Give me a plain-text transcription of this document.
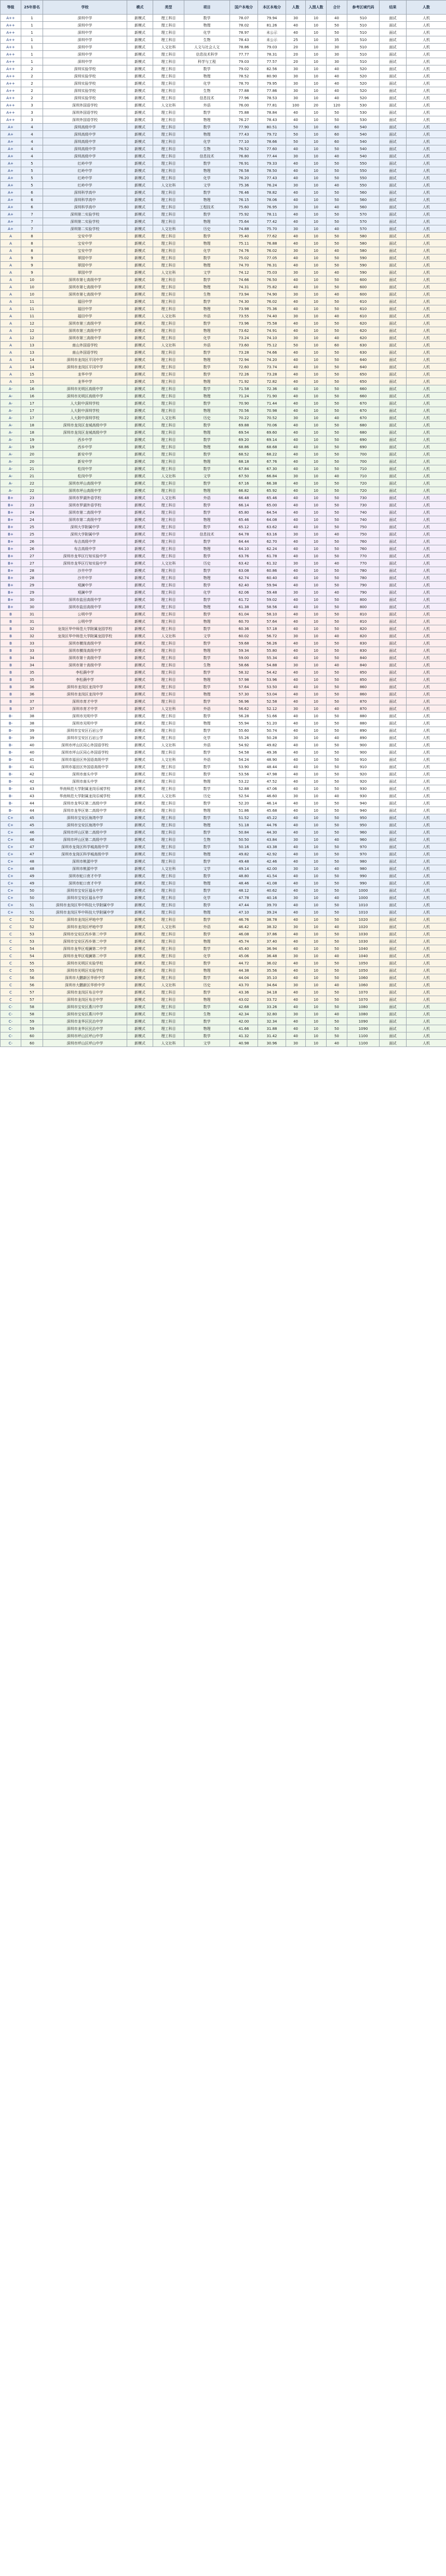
等级	25年排名	学校	模式	类型	项目	国户本地分	本区本地分	人数	入围人数	合计	参考区域代码	结果	人数
A++	1	深圳中学	新模式	理工科目	数学	78.07	79.94	30	10	40	510	面试	人机
A++	1	深圳中学	新模式	理工科目	物理	78.02	81.26	40	10	50	510	面试	人机
A++	1	深圳中学	新模式	理工科目	化学	78.97	未公示	40	10	50	510	面试	人机
A++	1	深圳中学	新模式	理工科目	生物	78.43	未公示	25	10	35	510	面试	人机
A++	1	深圳中学	新模式	人文社科	人文与社会人文	78.86	79.03	20	10	30	510	面试	人机
A++	1	深圳中学	新模式	理工科目	信息技术科学	77.77	78.31	20	10	30	510	面试	人机
A++	1	深圳中学	新模式	理工科目	科学与工程	79.03	77.57	20	10	30	510	面试	人机
A++	2	深圳实验学校	新模式	理工科目	数学	79.02	82.56	30	10	40	520	面试	人机
A++	2	深圳实验学校	新模式	理工科目	物理	78.52	80.90	30	10	40	520	面试	人机
A++	2	深圳实验学校	新模式	理工科目	化学	78.70	79.95	30	10	40	520	面试	人机
A++	2	深圳实验学校	新模式	理工科目	生物	77.88	77.86	30	10	40	520	面试	人机
A++	2	深圳实验学校	新模式	理工科目	信息技术	77.96	78.53	30	10	40	520	面试	人机
A++	3	深圳外国语学校	新模式	人文社科	外语	76.00	77.81	100	20	120	530	面试	人机
A++	3	深圳外国语学校	新模式	理工科目	数学	75.88	78.84	40	10	50	530	面试	人机
A++	3	深圳外国语学校	新模式	理工科目	物理	76.27	78.43	40	10	50	530	面试	人机
A+	4	深圳高级中学	新模式	理工科目	数学	77.90	80.51	50	10	60	540	面试	人机
A+	4	深圳高级中学	新模式	理工科目	物理	77.43	79.72	50	10	60	540	面试	人机
A+	4	深圳高级中学	新模式	理工科目	化学	77.10	78.66	50	10	60	540	面试	人机
A+	4	深圳高级中学	新模式	理工科目	生物	76.52	77.60	40	10	50	540	面试	人机
A+	4	深圳高级中学	新模式	理工科目	信息技术	76.80	77.44	30	10	40	540	面试	人机
A+	5	红岭中学	新模式	理工科目	数学	76.91	79.33	40	10	50	550	面试	人机
A+	5	红岭中学	新模式	理工科目	物理	76.58	78.50	40	10	50	550	面试	人机
A+	5	红岭中学	新模式	理工科目	化学	76.20	77.43	40	10	50	550	面试	人机
A+	5	红岭中学	新模式	人文社科	文学	75.36	76.24	30	10	40	550	面试	人机
A+	6	深圳科学高中	新模式	理工科目	数学	76.46	78.82	40	10	50	560	面试	人机
A+	6	深圳科学高中	新模式	理工科目	物理	76.15	78.06	40	10	50	560	面试	人机
A+	6	深圳科学高中	新模式	理工科目	工程技术	75.60	76.95	30	10	40	560	面试	人机
A+	7	深圳第二实验学校	新模式	理工科目	数学	75.92	78.11	40	10	50	570	面试	人机
A+	7	深圳第二实验学校	新模式	理工科目	物理	75.64	77.42	40	10	50	570	面试	人机
A+	7	深圳第二实验学校	新模式	人文社科	历史	74.88	75.70	30	10	40	570	面试	人机
A	8	宝安中学	新模式	理工科目	数学	75.40	77.62	40	10	50	580	面试	人机
A	8	宝安中学	新模式	理工科目	物理	75.11	76.88	40	10	50	580	面试	人机
A	8	宝安中学	新模式	理工科目	化学	74.76	76.02	30	10	40	580	面试	人机
A	9	翠园中学	新模式	理工科目	数学	75.02	77.05	40	10	50	590	面试	人机
A	9	翠园中学	新模式	理工科目	物理	74.70	76.31	40	10	50	590	面试	人机
A	9	翠园中学	新模式	人文社科	文学	74.12	75.03	30	10	40	590	面试	人机
A	10	深圳市第七高级中学	新模式	理工科目	数学	74.66	76.50	40	10	50	600	面试	人机
A	10	深圳市第七高级中学	新模式	理工科目	物理	74.31	75.82	40	10	50	600	面试	人机
A	10	深圳市第七高级中学	新模式	理工科目	生物	73.94	74.90	30	10	40	600	面试	人机
A	11	福田中学	新模式	理工科目	数学	74.30	76.02	40	10	50	610	面试	人机
A	11	福田中学	新模式	理工科目	物理	73.98	75.36	40	10	50	610	面试	人机
A	11	福田中学	新模式	人文社科	外语	73.55	74.40	30	10	40	610	面试	人机
A	12	深圳市第三高级中学	新模式	理工科目	数学	73.96	75.58	40	10	50	620	面试	人机
A	12	深圳市第三高级中学	新模式	理工科目	物理	73.62	74.91	40	10	50	620	面试	人机
A	12	深圳市第三高级中学	新模式	理工科目	化学	73.24	74.10	30	10	40	620	面试	人机
A	13	南山外国语学校	新模式	人文社科	外语	73.60	75.12	50	10	60	630	面试	人机
A	13	南山外国语学校	新模式	理工科目	数学	73.28	74.66	40	10	50	630	面试	人机
A	14	深圳市龙岗区平冈中学	新模式	理工科目	物理	72.94	74.20	40	10	50	640	面试	人机
A	14	深圳市龙岗区平冈中学	新模式	理工科目	数学	72.60	73.74	40	10	50	640	面试	人机
A	15	龙华中学	新模式	理工科目	数学	72.26	73.28	40	10	50	650	面试	人机
A	15	龙华中学	新模式	理工科目	物理	71.92	72.82	40	10	50	650	面试	人机
A-	16	深圳市光明区高级中学	新模式	理工科目	数学	71.58	72.36	40	10	50	660	面试	人机
A-	16	深圳市光明区高级中学	新模式	理工科目	物理	71.24	71.90	40	10	50	660	面试	人机
A-	17	人大附中深圳学校	新模式	理工科目	数学	70.90	71.44	40	10	50	670	面试	人机
A-	17	人大附中深圳学校	新模式	理工科目	物理	70.56	70.98	40	10	50	670	面试	人机
A-	17	人大附中深圳学校	新模式	人文社科	历史	70.22	70.52	30	10	40	670	面试	人机
A-	18	深圳市龙岗区龙城高级中学	新模式	理工科目	数学	69.88	70.06	40	10	50	680	面试	人机
A-	18	深圳市龙岗区龙城高级中学	新模式	理工科目	物理	69.54	69.60	40	10	50	680	面试	人机
A-	19	西乡中学	新模式	理工科目	数学	69.20	69.14	40	10	50	690	面试	人机
A-	19	西乡中学	新模式	理工科目	物理	68.86	68.68	40	10	50	690	面试	人机
A-	20	新安中学	新模式	理工科目	数学	68.52	68.22	40	10	50	700	面试	人机
A-	20	新安中学	新模式	理工科目	物理	68.18	67.76	40	10	50	700	面试	人机
A-	21	松岗中学	新模式	理工科目	数学	67.84	67.30	40	10	50	710	面试	人机
A-	21	松岗中学	新模式	人文社科	文学	67.50	66.84	30	10	40	710	面试	人机
A-	22	深圳市坪山高级中学	新模式	理工科目	数学	67.16	66.38	40	10	50	720	面试	人机
A-	22	深圳市坪山高级中学	新模式	理工科目	物理	66.82	65.92	40	10	50	720	面试	人机
B+	23	深圳市罗湖外语学校	新模式	人文社科	外语	66.48	65.46	40	10	50	730	面试	人机
B+	23	深圳市罗湖外语学校	新模式	理工科目	数学	66.14	65.00	40	10	50	730	面试	人机
B+	24	深圳市第二高级中学	新模式	理工科目	数学	65.80	64.54	40	10	50	740	面试	人机
B+	24	深圳市第二高级中学	新模式	理工科目	物理	65.46	64.08	40	10	50	740	面试	人机
B+	25	深圳大学附属中学	新模式	理工科目	数学	65.12	63.62	40	10	50	750	面试	人机
B+	25	深圳大学附属中学	新模式	理工科目	信息技术	64.78	63.16	30	10	40	750	面试	人机
B+	26	布吉高级中学	新模式	理工科目	数学	64.44	62.70	40	10	50	760	面试	人机
B+	26	布吉高级中学	新模式	理工科目	物理	64.10	62.24	40	10	50	760	面试	人机
B+	27	深圳市龙华区行知实验中学	新模式	理工科目	数学	63.76	61.78	40	10	50	770	面试	人机
B+	27	深圳市龙华区行知实验中学	新模式	人文社科	历史	63.42	61.32	30	10	40	770	面试	人机
B+	28	沙井中学	新模式	理工科目	数学	63.08	60.86	40	10	50	780	面试	人机
B+	28	沙井中学	新模式	理工科目	物理	62.74	60.40	40	10	50	780	面试	人机
B+	29	观澜中学	新模式	理工科目	数学	62.40	59.94	40	10	50	790	面试	人机
B+	29	观澜中学	新模式	理工科目	化学	62.06	59.48	30	10	40	790	面试	人机
B+	30	深圳市盐田高级中学	新模式	理工科目	数学	61.72	59.02	40	10	50	800	面试	人机
B+	30	深圳市盐田高级中学	新模式	理工科目	物理	61.38	58.56	40	10	50	800	面试	人机
B	31	公明中学	新模式	理工科目	数学	61.04	58.10	40	10	50	810	面试	人机
B	31	公明中学	新模式	理工科目	物理	60.70	57.64	40	10	50	810	面试	人机
B	32	龙岗区华中师范大学附属龙园学校	新模式	理工科目	数学	60.36	57.18	40	10	50	820	面试	人机
B	32	龙岗区华中师范大学附属龙园学校	新模式	人文社科	文学	60.02	56.72	30	10	40	820	面试	人机
B	33	深圳市横岗高级中学	新模式	理工科目	数学	59.68	56.26	40	10	50	830	面试	人机
B	33	深圳市横岗高级中学	新模式	理工科目	物理	59.34	55.80	40	10	50	830	面试	人机
B	34	深圳市第十高级中学	新模式	理工科目	数学	59.00	55.34	40	10	50	840	面试	人机
B	34	深圳市第十高级中学	新模式	理工科目	生物	58.66	54.88	30	10	40	840	面试	人机
B	35	李松蓢中学	新模式	理工科目	数学	58.32	54.42	40	10	50	850	面试	人机
B	35	李松蓢中学	新模式	理工科目	物理	57.98	53.96	40	10	50	850	面试	人机
B	36	深圳市龙岗区龙岗中学	新模式	理工科目	数学	57.64	53.50	40	10	50	860	面试	人机
B	36	深圳市龙岗区龙岗中学	新模式	理工科目	物理	57.30	53.04	40	10	50	860	面试	人机
B	37	深圳市育才中学	新模式	理工科目	数学	56.96	52.58	40	10	50	870	面试	人机
B	37	深圳市育才中学	新模式	人文社科	外语	56.62	52.12	30	10	40	870	面试	人机
B-	38	深圳市光明中学	新模式	理工科目	数学	56.28	51.66	40	10	50	880	面试	人机
B-	38	深圳市光明中学	新模式	理工科目	物理	55.94	51.20	40	10	50	880	面试	人机
B-	39	深圳市宝安区石岩公学	新模式	理工科目	数学	55.60	50.74	40	10	50	890	面试	人机
B-	39	深圳市宝安区石岩公学	新模式	理工科目	化学	55.26	50.28	30	10	40	890	面试	人机
B-	40	深圳市坪山区同心外国语学校	新模式	人文社科	外语	54.92	49.82	40	10	50	900	面试	人机
B-	40	深圳市坪山区同心外国语学校	新模式	理工科目	数学	54.58	49.36	40	10	50	900	面试	人机
B-	41	深圳市福田区外国语高级中学	新模式	人文社科	外语	54.24	48.90	40	10	50	910	面试	人机
B-	41	深圳市福田区外国语高级中学	新模式	理工科目	数学	53.90	48.44	40	10	50	910	面试	人机
B-	42	深圳市南头中学	新模式	理工科目	数学	53.56	47.98	40	10	50	920	面试	人机
B-	42	深圳市南头中学	新模式	理工科目	物理	53.22	47.52	40	10	50	920	面试	人机
B-	43	华南师范大学附属龙岗乐城学校	新模式	理工科目	数学	52.88	47.06	40	10	50	930	面试	人机
B-	43	华南师范大学附属龙岗乐城学校	新模式	人文社科	历史	52.54	46.60	30	10	40	930	面试	人机
B-	44	深圳市龙华区第二高级中学	新模式	理工科目	数学	52.20	46.14	40	10	50	940	面试	人机
B-	44	深圳市龙华区第二高级中学	新模式	理工科目	物理	51.86	45.68	40	10	50	940	面试	人机
C+	45	深圳市宝安区海湾中学	新模式	理工科目	数学	51.52	45.22	40	10	50	950	面试	人机
C+	45	深圳市宝安区海湾中学	新模式	理工科目	物理	51.18	44.76	40	10	50	950	面试	人机
C+	46	深圳市坪山区第二高级中学	新模式	理工科目	数学	50.84	44.30	40	10	50	960	面试	人机
C+	46	深圳市坪山区第二高级中学	新模式	理工科目	生物	50.50	43.84	30	10	40	960	面试	人机
C+	47	深圳市龙岗区科学城高级中学	新模式	理工科目	数学	50.16	43.38	40	10	50	970	面试	人机
C+	47	深圳市龙岗区科学城高级中学	新模式	理工科目	物理	49.82	42.92	40	10	50	970	面试	人机
C+	48	深圳市桃源中学	新模式	理工科目	数学	49.48	42.46	40	10	50	980	面试	人机
C+	48	深圳市桃源中学	新模式	人文社科	文学	49.14	42.00	30	10	40	980	面试	人机
C+	49	深圳市蛇口育才中学	新模式	理工科目	数学	48.80	41.54	40	10	50	990	面试	人机
C+	49	深圳市蛇口育才中学	新模式	理工科目	物理	48.46	41.08	40	10	50	990	面试	人机
C+	50	深圳市宝安区福永中学	新模式	理工科目	数学	48.12	40.62	40	10	50	1000	面试	人机
C+	50	深圳市宝安区福永中学	新模式	理工科目	化学	47.78	40.16	30	10	40	1000	面试	人机
C+	51	深圳市龙岗区华中科技大学附属中学	新模式	理工科目	数学	47.44	39.70	40	10	50	1010	面试	人机
C+	51	深圳市龙岗区华中科技大学附属中学	新模式	理工科目	物理	47.10	39.24	40	10	50	1010	面试	人机
C	52	深圳市龙岗区坪地中学	新模式	理工科目	数学	46.76	38.78	40	10	50	1020	面试	人机
C	52	深圳市龙岗区坪地中学	新模式	人文社科	外语	46.42	38.32	30	10	40	1020	面试	人机
C	53	深圳市宝安区西乡第二中学	新模式	理工科目	数学	46.08	37.86	40	10	50	1030	面试	人机
C	53	深圳市宝安区西乡第二中学	新模式	理工科目	物理	45.74	37.40	40	10	50	1030	面试	人机
C	54	深圳市龙华区观澜第二中学	新模式	理工科目	数学	45.40	36.94	40	10	50	1040	面试	人机
C	54	深圳市龙华区观澜第二中学	新模式	理工科目	化学	45.06	36.48	30	10	40	1040	面试	人机
C	55	深圳市光明区实验学校	新模式	理工科目	数学	44.72	36.02	40	10	50	1050	面试	人机
C	55	深圳市光明区实验学校	新模式	理工科目	物理	44.38	35.56	40	10	50	1050	面试	人机
C	56	深圳市大鹏新区华侨中学	新模式	理工科目	数学	44.04	35.10	40	10	50	1060	面试	人机
C	56	深圳市大鹏新区华侨中学	新模式	人文社科	历史	43.70	34.64	30	10	40	1060	面试	人机
C	57	深圳市龙岗区布吉中学	新模式	理工科目	数学	43.36	34.18	40	10	50	1070	面试	人机
C	57	深圳市龙岗区布吉中学	新模式	理工科目	物理	43.02	33.72	40	10	50	1070	面试	人机
C-	58	深圳市宝安区燕川中学	新模式	理工科目	数学	42.68	33.26	40	10	50	1080	面试	人机
C-	58	深圳市宝安区燕川中学	新模式	理工科目	生物	42.34	32.80	30	10	40	1080	面试	人机
C-	59	深圳市龙华区民治中学	新模式	理工科目	数学	42.00	32.34	40	10	50	1090	面试	人机
C-	59	深圳市龙华区民治中学	新模式	理工科目	物理	41.66	31.88	40	10	50	1090	面试	人机
C-	60	深圳市坪山区坪山中学	新模式	理工科目	数学	41.32	31.42	40	10	50	1100	面试	人机
C-	60	深圳市坪山区坪山中学	新模式	人文社科	文学	40.98	30.96	30	10	40	1100	面试	人机
